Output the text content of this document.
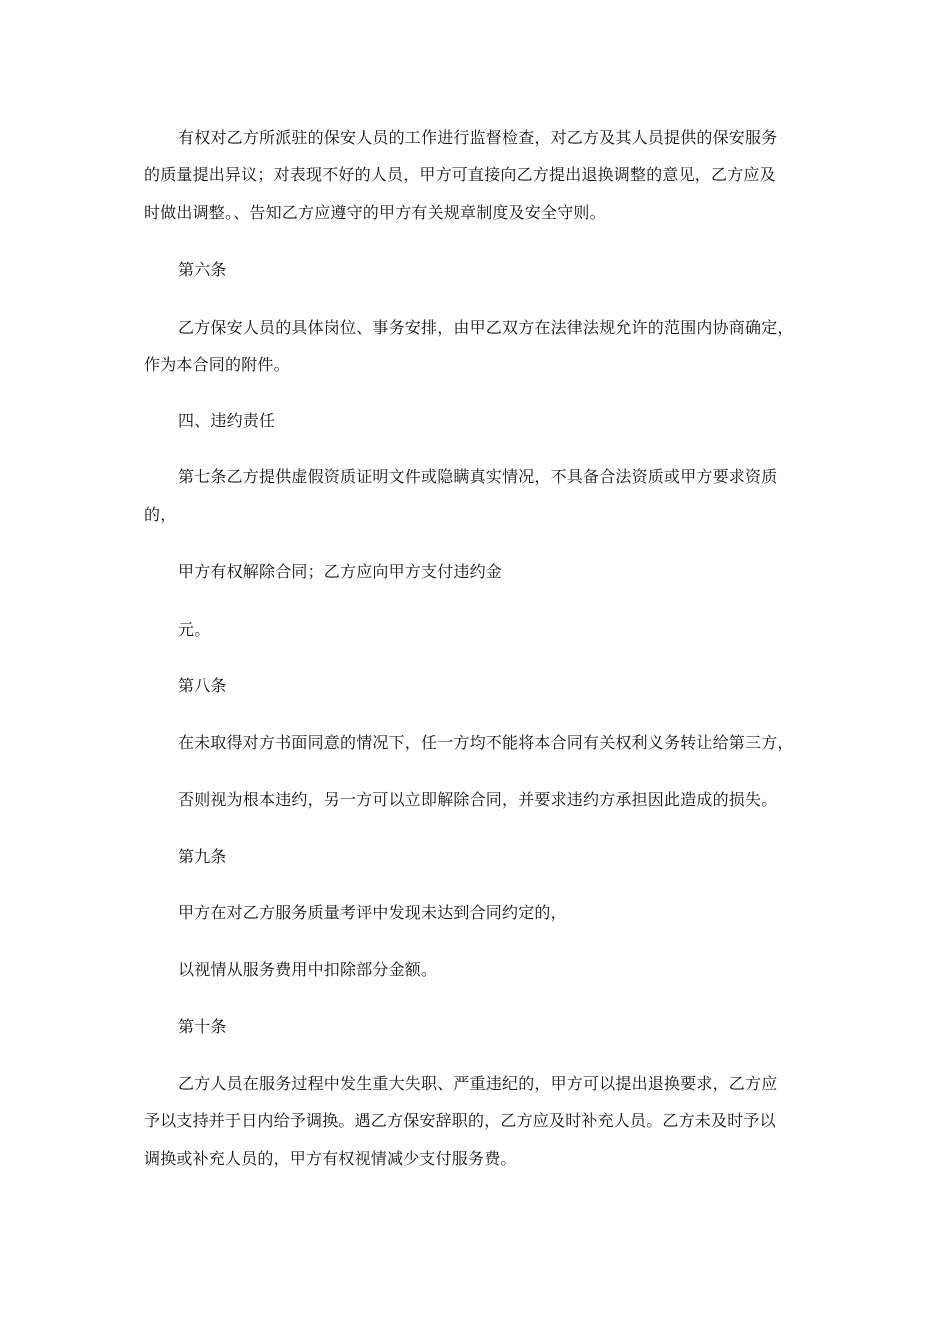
有权对乙方所派驻的保安人员的工作进行监督检查，对乙方及其人员提供的保安服务
的质量提出异议；对表现不好的人员，甲方可直接向乙方提出退换调整的意见，乙方应及
时做出调整。、告知乙方应遵守的甲方有关规章制度及安全守则。
第六条
乙方保安人员的具体岗位、事务安排，由甲乙双方在法律法规允许的范围内协商确定，
作为本合同的附件。
四、违约责任
第七条乙方提供虚假资质证明文件或隐瞒真实情况，不具备合法资质或甲方要求资质
的，
甲方有权解除合同；乙方应向甲方支付违约金
元。
第八条
在未取得对方书面同意的情况下，任一方均不能将本合同有关权利义务转让给第三方，
否则视为根本违约，另一方可以立即解除合同，并要求违约方承担因此造成的损失。
第九条
甲方在对乙方服务质量考评中发现未达到合同约定的，
以视情从服务费用中扣除部分金额。
第十条
乙方人员在服务过程中发生重大失职、严重违纪的，甲方可以提出退换要求，乙方应
予以支持并于日内给予调换。遇乙方保安辞职的，乙方应及时补充人员。乙方未及时予以
调换或补充人员的，甲方有权视情减少支付服务费。
